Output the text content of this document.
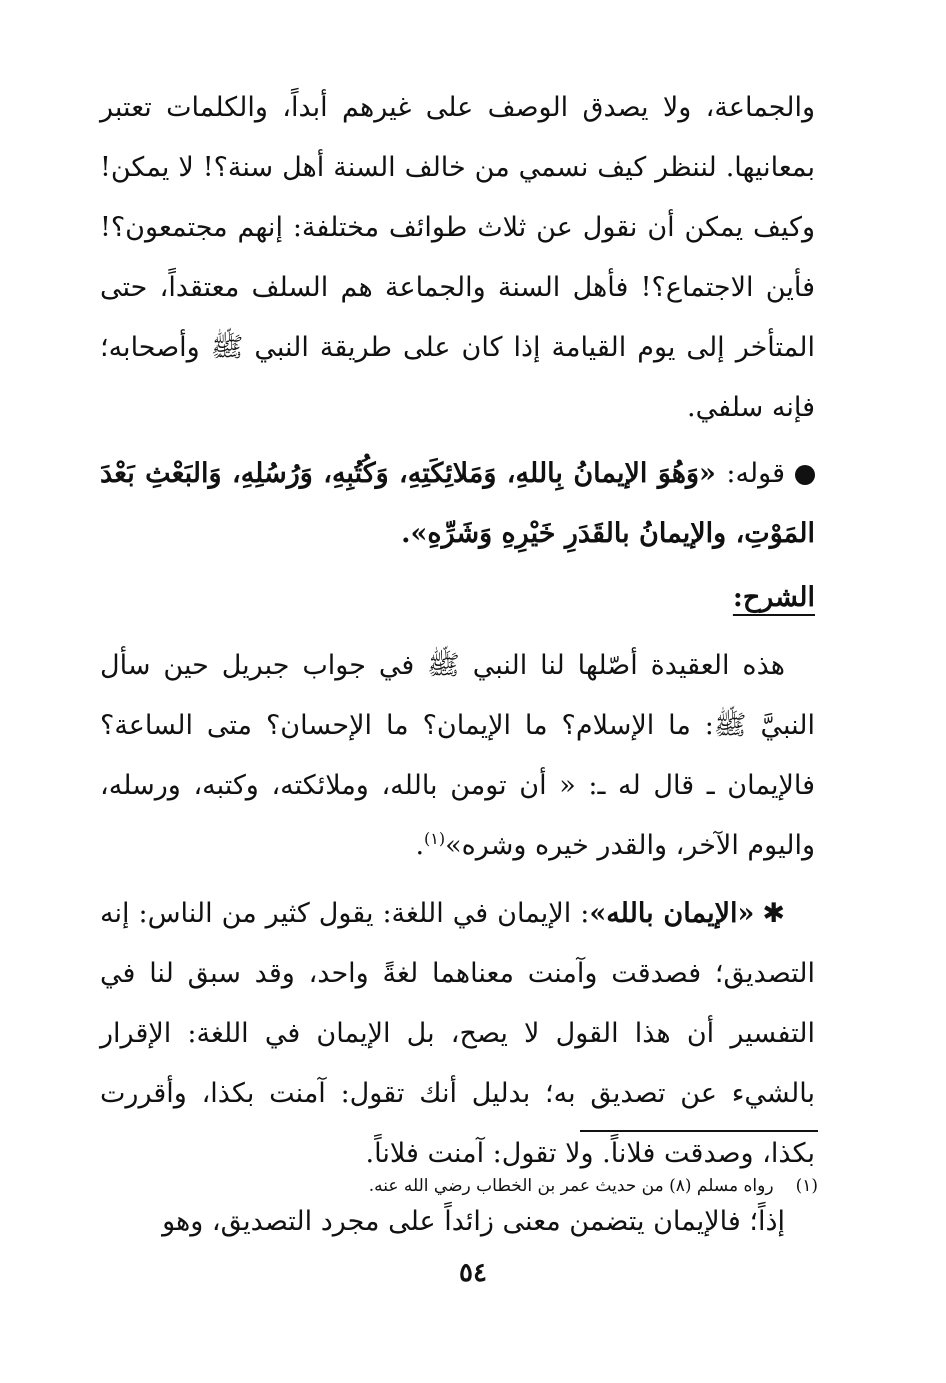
والجماعة، ولا يصدق الوصف على غيرهم أبداً، والكلمات تعتبر بمعانيها. لننظر كيف نسمي من خالف السنة أهل سنة؟! لا يمكن! وكيف يمكن أن نقول عن ثلاث طوائف مختلفة: إنهم مجتمعون؟! فأين الاجتماع؟! فأهل السنة والجماعة هم السلف معتقداً، حتى المتأخر إلى يوم القيامة إذا كان على طريقة النبي ﷺ وأصحابه؛ فإنه سلفي.

قوله: «وَهُوَ الإيمانُ بِاللهِ، وَمَلائِكَتِهِ، وَكُتُبِهِ، وَرُسُلِهِ، وَالبَعْثِ بَعْدَ المَوْتِ، والإيمانُ بالقَدَرِ خَيْرِهِ وَشَرِّهِ».

الشرح:

هذه العقيدة أصّلها لنا النبي ﷺ في جواب جبريل حين سأل النبيَّ ﷺ: ما الإسلام؟ ما الإيمان؟ ما الإحسان؟ متى الساعة؟ فالإيمان ـ قال له ـ: « أن تومن بالله، وملائكته، وكتبه، ورسله، واليوم الآخر، والقدر خيره وشره»$^{(١)}$.

✱«الإيمان بالله»: الإيمان في اللغة: يقول كثير من الناس: إنه التصديق؛ فصدقت وآمنت معناهما لغةً واحد، وقد سبق لنا في التفسير أن هذا القول لا يصح، بل الإيمان في اللغة: الإقرار بالشيء عن تصديق به؛ بدليل أنك تقول: آمنت بكذا، وأقررت بكذا، وصدقت فلاناً. ولا تقول: آمنت فلاناً.

إذاً؛ فالإيمان يتضمن معنى زائداً على مجرد التصديق، وهو

(١)رواه مسلم (٨) من حديث عمر بن الخطاب رضي الله عنه.
٥٤
